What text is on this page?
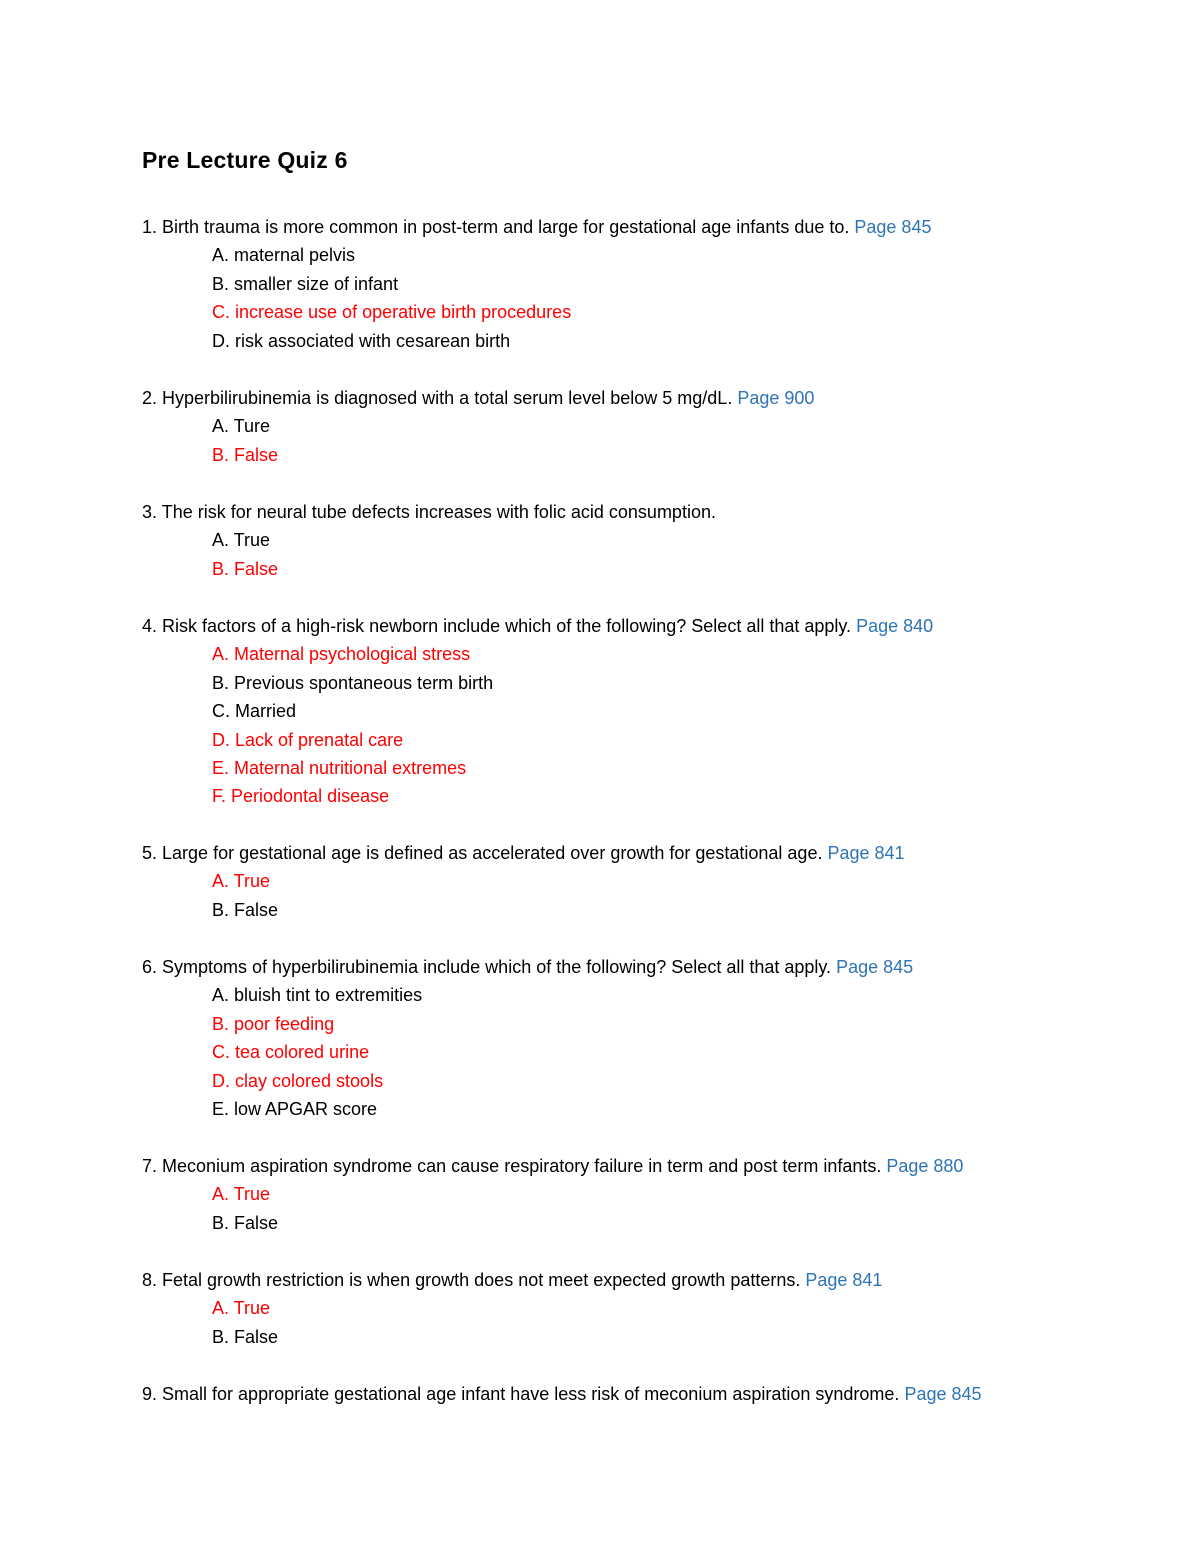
Pre Lecture Quiz 6
1. Birth trauma is more common in post-term and large for gestational age infants due to. Page 845
A. maternal pelvis
B. smaller size of infant
C. increase use of operative birth procedures
D. risk associated with cesarean birth
2. Hyperbilirubinemia is diagnosed with a total serum level below 5 mg/dL. Page 900
A. Ture
B. False
3. The risk for neural tube defects increases with folic acid consumption.
A. True
B. False
4. Risk factors of a high-risk newborn include which of the following? Select all that apply. Page 840
A. Maternal psychological stress
B. Previous spontaneous term birth
C. Married
D. Lack of prenatal care
E. Maternal nutritional extremes
F. Periodontal disease
5. Large for gestational age is defined as accelerated over growth for gestational age. Page 841
A. True
B. False
6. Symptoms of hyperbilirubinemia include which of the following? Select all that apply. Page 845
A. bluish tint to extremities
B. poor feeding
C. tea colored urine
D. clay colored stools
E. low APGAR score
7. Meconium aspiration syndrome can cause respiratory failure in term and post term infants. Page 880
A. True
B. False
8. Fetal growth restriction is when growth does not meet expected growth patterns. Page 841
A. True
B. False
9. Small for appropriate gestational age infant have less risk of meconium aspiration syndrome. Page 845
